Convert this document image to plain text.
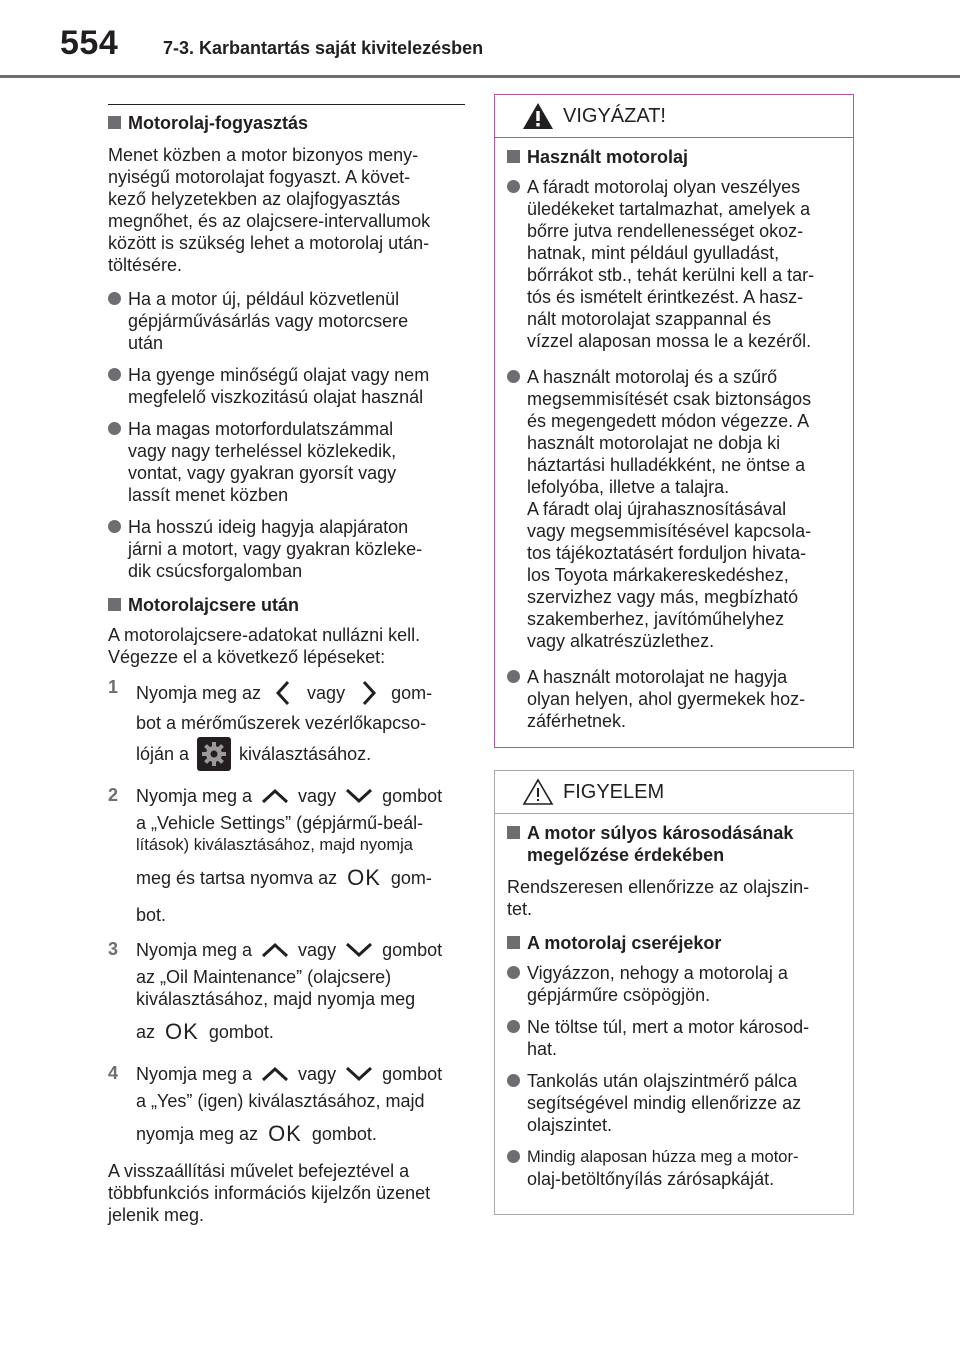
554 7-3. Karbantartás saját kivitelezésben
Motorolaj-fogyasztás
Menet közben a motor bizonyos meny-
nyiségű motorolajat fogyaszt. A követ-
kező helyzetekben az olajfogyasztás
megnőhet, és az olajcsere-intervallumok
között is szükség lehet a motorolaj után-
töltésére.
Ha a motor új, például közvetlenül
gépjárművásárlás vagy motorcsere
után
Ha gyenge minőségű olajat vagy nem
megfelelő viszkozitású olajat használ
Ha magas motorfordulatszámmal
vagy nagy terheléssel közlekedik,
vontat, vagy gyakran gyorsít vagy
lassít menet közben
Ha hosszú ideig hagyja alapjáraton
járni a motort, vagy gyakran közleke-
dik csúcsforgalomban
Motorolajcsere után
A motorolajcsere-adatokat nullázni kell.
Végezze el a következő lépéseket:
1 Nyomja meg az	vagy	gom-
bot a mérőműszerek vezérlőkapcso-
lóján a	kiválasztásához.
2 Nyomja meg a	vagy	gombot
a „Vehicle Settings” (gépjármű-beál-
lítások) kiválasztásához, majd nyomja
meg és tartsa nyomva az OK gom-
bot.
3 Nyomja meg a	vagy	gombot
az „Oil Maintenance” (olajcsere)
kiválasztásához, majd nyomja meg
az OK gombot.
4 Nyomja meg a	vagy	gombot
a „Yes” (igen) kiválasztásához, majd
nyomja meg az OK gombot.
A visszaállítási művelet befejeztével a
többfunkciós információs kijelzőn üzenet
jelenik meg.
VIGYÁZAT!
Használt motorolaj
A fáradt motorolaj olyan veszélyes
üledékeket tartalmazhat, amelyek a
bőrre jutva rendellenességet okoz-
hatnak, mint például gyulladást,
bőrrákot stb., tehát kerülni kell a tar-
tós és ismételt érintkezést. A hasz-
nált motorolajat szappannal és
vízzel alaposan mossa le a kezéről.
A használt motorolaj és a szűrő
megsemmisítését csak biztonságos
és megengedett módon végezze. A
használt motorolajat ne dobja ki
háztartási hulladékként, ne öntse a
lefolyóba, illetve a talajra.
A fáradt olaj újrahasznosításával
vagy megsemmisítésével kapcsola-
tos tájékoztatásért forduljon hivata-
los Toyota márkakereskedéshez,
szervizhez vagy más, megbízható
szakemberhez, javítóműhelyhez
vagy alkatrészüzlethez.
A használt motorolajat ne hagyja
olyan helyen, ahol gyermekek hoz-
záférhetnek.
FIGYELEM
A motor súlyos károsodásának
megelőzése érdekében
Rendszeresen ellenőrizze az olajszin-
tet.
A motorolaj cseréjekor
Vigyázzon, nehogy a motorolaj a
gépjárműre csöpögjön.
Ne töltse túl, mert a motor károsod-
hat.
Tankolás után olajszintmérő pálca
segítségével mindig ellenőrizze az
olajszintet.
Mindig alaposan húzza meg a motor-
olaj-betöltőnyílás zárósapkáját.
